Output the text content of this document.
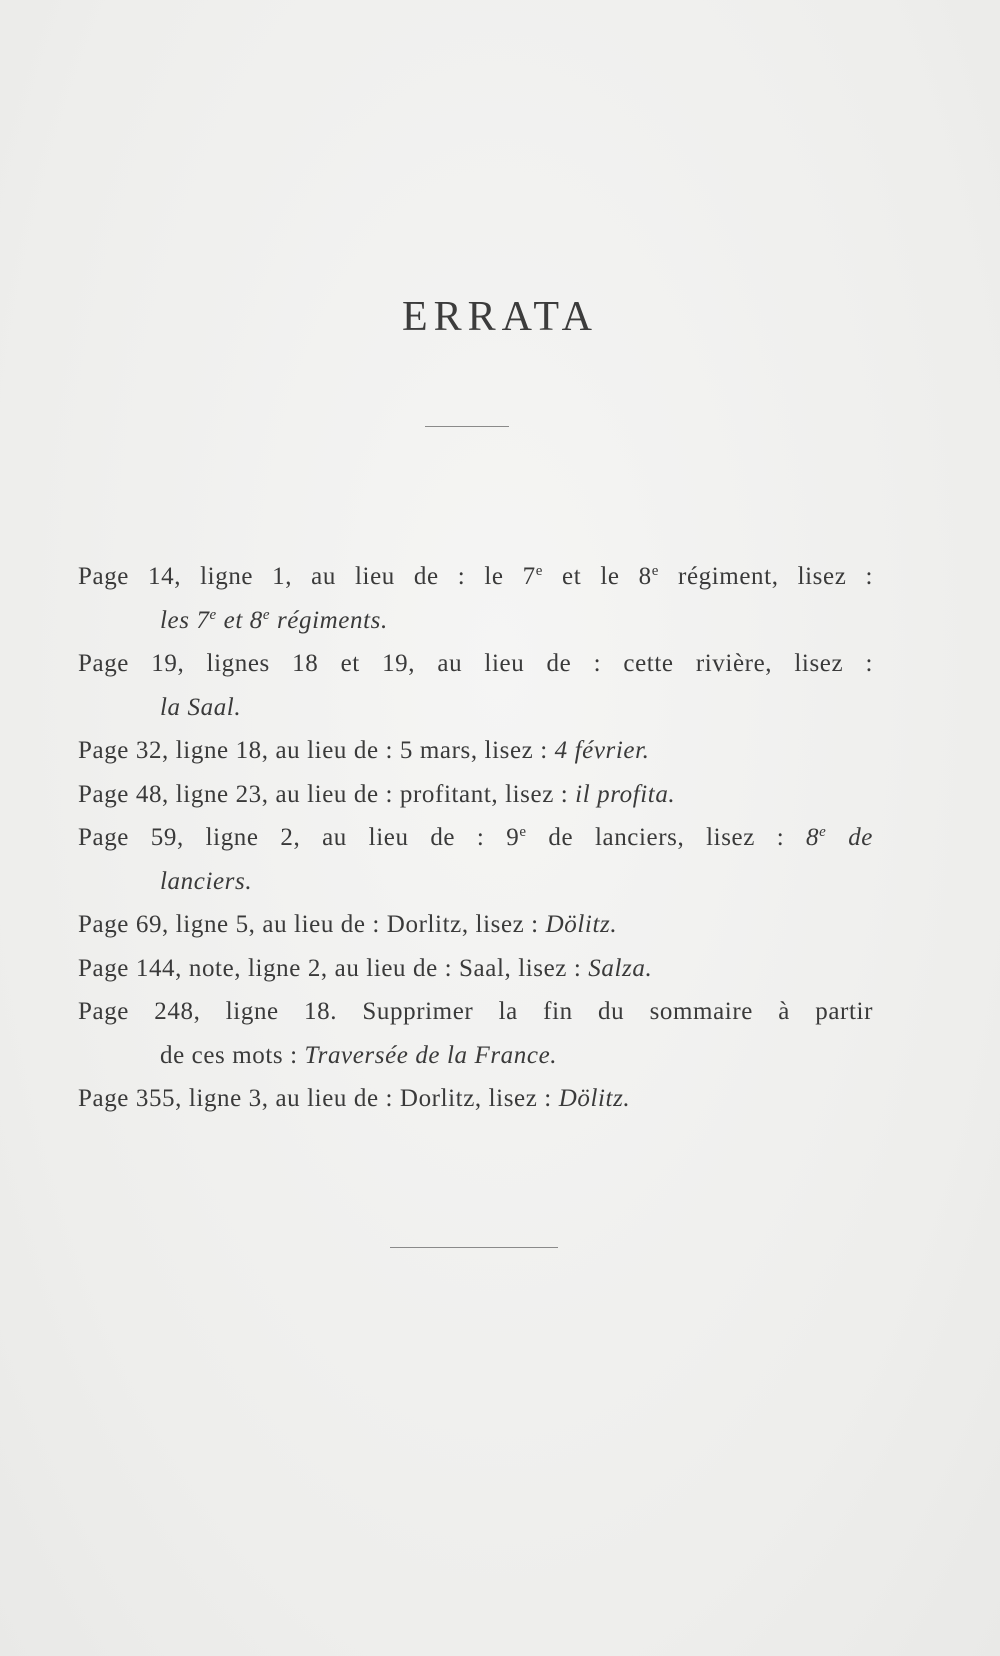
ERRATA
Page 14, ligne 1, au lieu de : le 7e et le 8e régiment, lisez :
les 7e et 8e régiments.
Page 19, lignes 18 et 19, au lieu de : cette rivière, lisez :
la Saal.
Page 32, ligne 18, au lieu de : 5 mars, lisez : 4 février.
Page 48, ligne 23, au lieu de : profitant, lisez : il profita.
Page 59, ligne 2, au lieu de : 9e de lanciers, lisez : 8e de
lanciers.
Page 69, ligne 5, au lieu de : Dorlitz, lisez : Dölitz.
Page 144, note, ligne 2, au lieu de : Saal, lisez : Salza.
Page 248, ligne 18. Supprimer la fin du sommaire à partir
de ces mots : Traversée de la France.
Page 355, ligne 3, au lieu de : Dorlitz, lisez : Dölitz.
